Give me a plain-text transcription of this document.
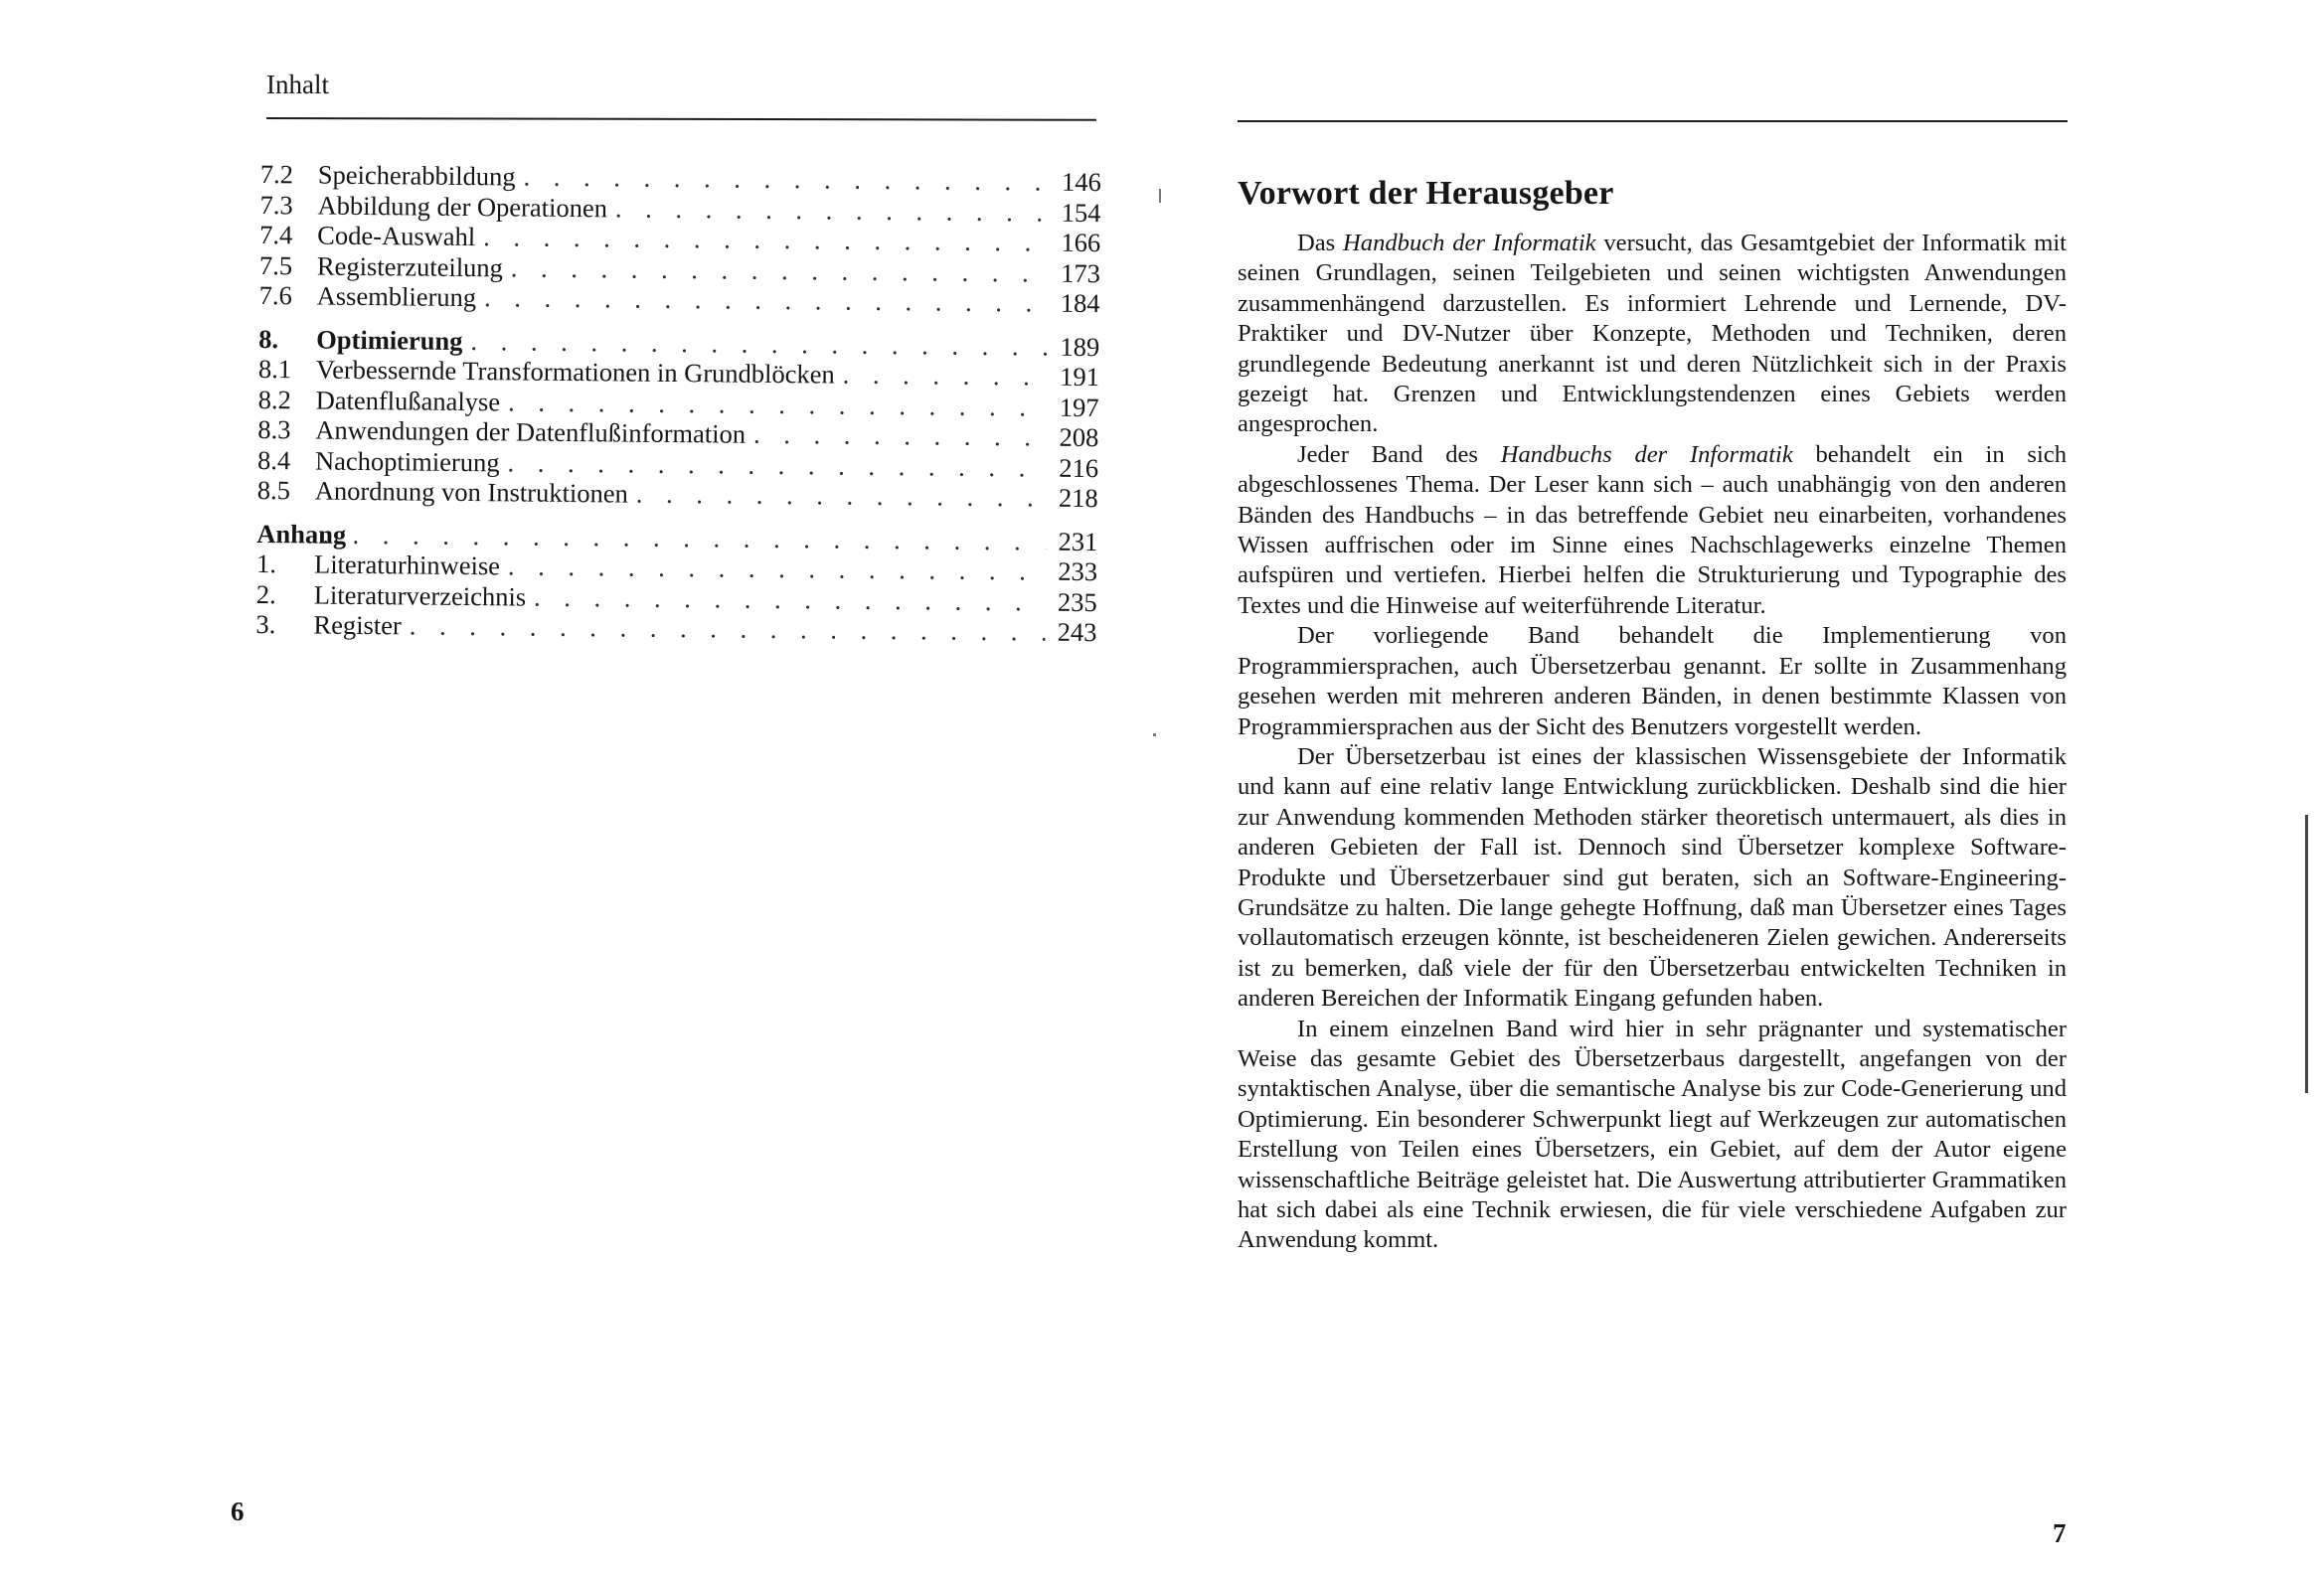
Inhalt
7.2 Speicherabbildung . . .	146
7.3 Abbildung der Operationen . . .	154
7.4 Code-Auswahl . . .	166
7.5 Registerzuteilung . . .	173
7.6 Assemblierung . . .	184
8.	Optimierung . . .	189
8.1 Verbessernde Transformationen in Grundblöcken . . .	191
8.2 Datenflußanalyse . . .	197
8.3 Anwendungen der Datenflußinformation . . .	208
8.4 Nachoptimierung . . .	216
8.5 Anordnung von Instruktionen . . .	218
Anhang . . .	231
1.	Literaturhinweise . . .	233
2.	Literaturverzeichnis . . .	235
3.	Register . . .	243
6
Vorwort der Herausgeber

Das Handbuch der Informatik versucht, das Gesamtgebiet der Informatik mit seinen Grundlagen, seinen Teilgebieten und seinen wichtigsten Anwendungen zusammenhängend darzustellen. Es informiert Lehrende und Lernende, DV-Praktiker und DV-Nutzer über Konzepte, Methoden und Techniken, deren grundlegende Bedeutung anerkannt ist und deren Nützlichkeit sich in der Praxis gezeigt hat. Grenzen und Entwicklungstendenzen eines Gebiets werden angesprochen.

Jeder Band des Handbuchs der Informatik behandelt ein in sich abgeschlossenes Thema. Der Leser kann sich – auch unabhängig von den anderen Bänden des Handbuchs – in das betreffende Gebiet neu einarbeiten, vorhandenes Wissen auffrischen oder im Sinne eines Nachschlagewerks einzelne Themen aufspüren und vertiefen. Hierbei helfen die Strukturierung und Typographie des Textes und die Hinweise auf weiterführende Literatur.

Der vorliegende Band behandelt die Implementierung von Programmiersprachen, auch Übersetzerbau genannt. Er sollte in Zusammenhang gesehen werden mit mehreren anderen Bänden, in denen bestimmte Klassen von Programmiersprachen aus der Sicht des Benutzers vorgestellt werden.

Der Übersetzerbau ist eines der klassischen Wissensgebiete der Informatik und kann auf eine relativ lange Entwicklung zurückblicken. Deshalb sind die hier zur Anwendung kommenden Methoden stärker theoretisch untermauert, als dies in anderen Gebieten der Fall ist. Dennoch sind Übersetzer komplexe Software-Produkte und Übersetzerbauer sind gut beraten, sich an Software-Engineering-Grundsätze zu halten. Die lange gehegte Hoffnung, daß man Übersetzer eines Tages vollautomatisch erzeugen könnte, ist bescheideneren Zielen gewichen. Andererseits ist zu bemerken, daß viele der für den Übersetzerbau entwickelten Techniken in anderen Bereichen der Informatik Eingang gefunden haben.

In einem einzelnen Band wird hier in sehr prägnanter und systematischer Weise das gesamte Gebiet des Übersetzerbaus dargestellt, angefangen von der syntaktischen Analyse, über die semantische Analyse bis zur Code-Generierung und Optimierung. Ein besonderer Schwerpunkt liegt auf Werkzeugen zur automatischen Erstellung von Teilen eines Übersetzers, ein Gebiet, auf dem der Autor eigene wissenschaftliche Beiträge geleistet hat. Die Auswertung attributierter Grammatiken hat sich dabei als eine Technik erwiesen, die für viele verschiedene Aufgaben zur Anwendung kommt.

7
